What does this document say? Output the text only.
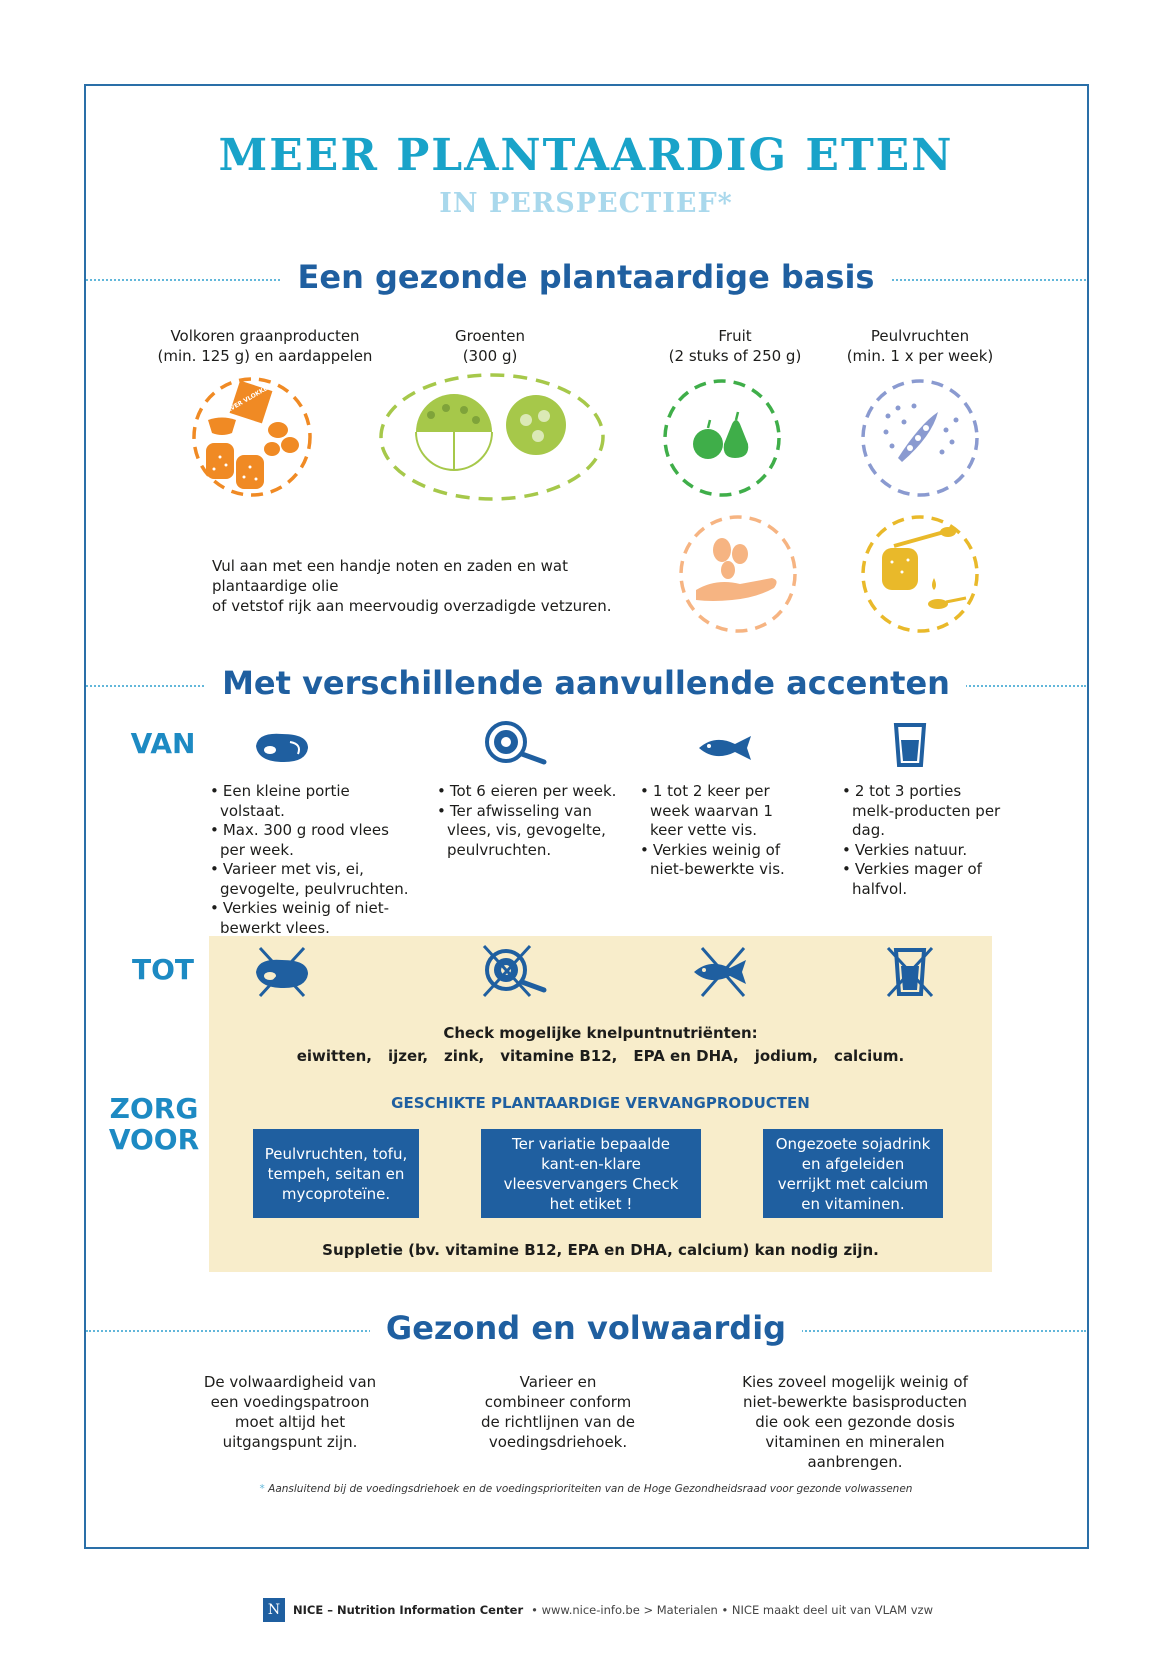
MEER PLANTAARDIG ETEN
IN PERSPECTIEF*
Een gezonde plantaardige basis
Volkoren graanproducten
(min. 125 g) en aardappelen
Groenten
(300 g)
Fruit
(2 stuks of 250 g)
Peulvruchten
(min. 1 x per week)
HAVER VLOKKEN
Vul aan met een handje noten en zaden en wat plantaardige olie
of vetstof rijk aan meervoudig overzadigde vetzuren.
Met verschillende aanvullende accenten
VAN
• Een kleine portie volstaat.
• Max. 300 g rood vlees per week.
• Varieer met vis, ei, gevogelte, peulvruchten.
• Verkies weinig of niet-bewerkt vlees.
• Tot 6 eieren per week.
• Ter afwisseling van vlees, vis, gevogelte, peulvruchten.
• 1 tot 2 keer per week waarvan 1 keer vette vis.
• Verkies weinig of niet-bewerkte vis.
• 2 tot 3 porties melk-producten per dag.
• Verkies natuur.
• Verkies mager of halfvol.
TOT
ZORG
VOOR
Check mogelijke knelpuntnutriënten:
eiwitten, ijzer, zink, vitamine B12, EPA en DHA, jodium, calcium.
GESCHIKTE PLANTAARDIGE VERVANGPRODUCTEN
Peulvruchten, tofu, tempeh, seitan en mycoproteïne.
Ter variatie bepaalde kant-en-klare vleesvervangers Check het etiket !
Ongezoete sojadrink en afgeleiden verrijkt met calcium en vitaminen.
Suppletie (bv. vitamine B12, EPA en DHA, calcium) kan nodig zijn.
Gezond en volwaardig
De volwaardigheid van een voedingspatroon moet altijd het uitgangspunt zijn.
Varieer en combineer conform de richtlijnen van de voedingsdriehoek.
Kies zoveel mogelijk weinig of niet-bewerkte basisproducten die ook een gezonde dosis vitaminen en mineralen aanbrengen.
* Aansluitend bij de voedingsdriehoek en de voedingsprioriteiten van de Hoge Gezondheidsraad voor gezonde volwassenen
N	NICE – Nutrition Information Center • www.nice-info.be > Materialen • NICE maakt deel uit van VLAM vzw
